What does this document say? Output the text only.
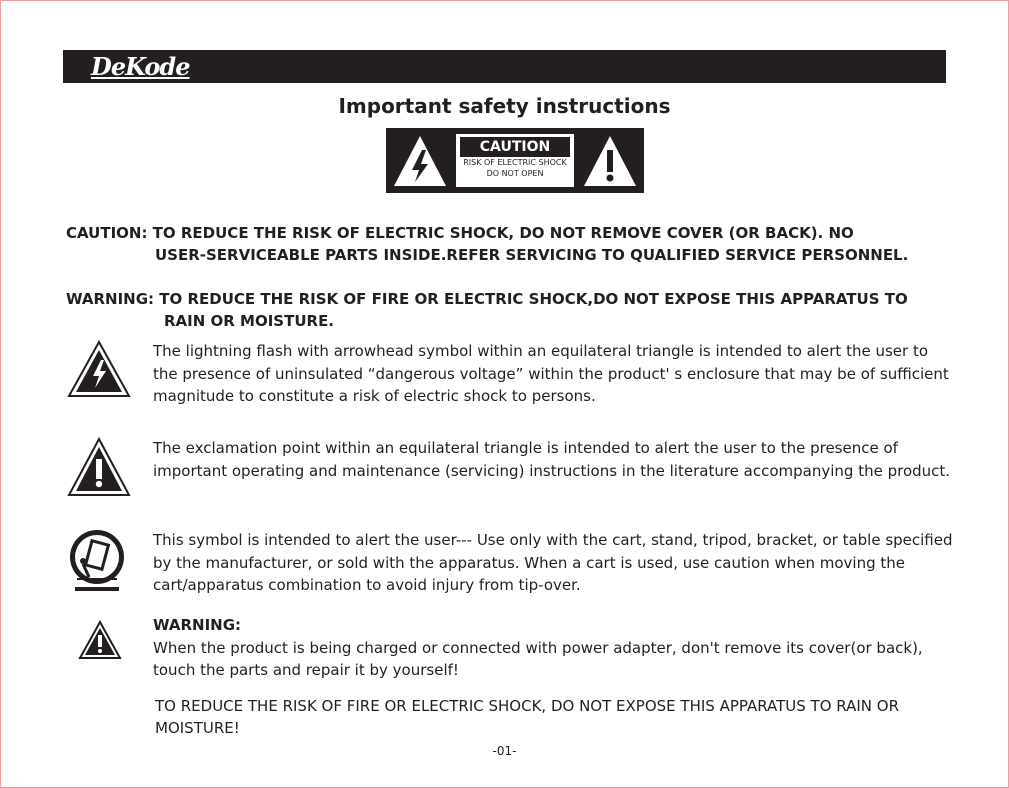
DeKode
Important safety instructions
CAUTION
RISK OF ELECTRIC SHOCK
DO NOT OPEN
CAUTION: TO REDUCE THE RISK OF ELECTRIC SHOCK, DO NOT REMOVE COVER (OR BACK). NO
USER-SERVICEABLE PARTS INSIDE.REFER SERVICING TO QUALIFIED SERVICE PERSONNEL.
WARNING: TO REDUCE THE RISK OF FIRE OR ELECTRIC SHOCK,DO NOT EXPOSE THIS APPARATUS TO
RAIN OR MOISTURE.
The lightning flash with arrowhead symbol within an equilateral triangle is intended to alert the user to the presence of uninsulated “dangerous voltage” within the product' s enclosure that may be of sufficient magnitude to constitute a risk of electric shock to persons.
The exclamation point within an equilateral triangle is intended to alert the user to the presence of important operating and maintenance (servicing) instructions in the literature accompanying the product.
This symbol is intended to alert the user--- Use only with the cart, stand, tripod, bracket, or table specified by the manufacturer, or sold with the apparatus. When a cart is used, use caution when moving the cart/apparatus combination to avoid injury from tip-over.
WARNING:
When the product is being charged or connected with power adapter, don't remove its cover(or back), touch the parts and repair it by yourself!
TO REDUCE THE RISK OF FIRE OR ELECTRIC SHOCK, DO NOT EXPOSE THIS APPARATUS TO RAIN OR MOISTURE!
-01-
